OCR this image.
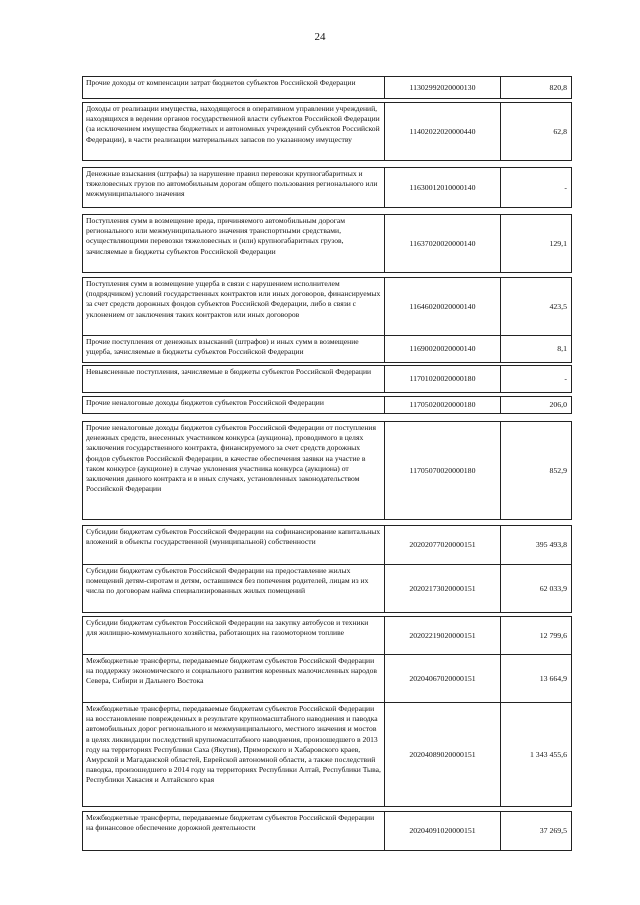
24
Прочие доходы от компенсации затрат бюджетов субъектов Российской Федерации	11302992020000130	820,8

Доходы от реализации имущества, находящегося в оперативном управлении учреждений, находящихся в ведении органов государственной власти субъектов Российской Федерации (за исключением имущества бюджетных и автономных учреждений субъектов Российской Федерации), в части реализации материальных запасов по указанному имуществу	11402022020000440	62,8

Денежные взыскания (штрафы) за нарушение правил перевозки крупногабаритных и тяжеловесных грузов по автомобильным дорогам общего пользования регионального или межмуниципального значения	11630012010000140	-

Поступления сумм в возмещение вреда, причиняемого автомобильным дорогам регионального или межмуниципального значения транспортными средствами, осуществляющими перевозки тяжеловесных и (или) крупногабаритных грузов, зачисляемые в бюджеты субъектов Российской Федерации	11637020020000140	129,1

Поступления сумм в возмещение ущерба в связи с нарушением исполнителем (подрядчиком) условий государственных контрактов или иных договоров, финансируемых за счет средств дорожных фондов субъектов Российской Федерации, либо в связи с уклонением от заключения таких контрактов или иных договоров	11646020020000140	423,5
Прочие поступления от денежных взысканий (штрафов) и иных сумм в возмещение ущерба, зачисляемые в бюджеты субъектов Российской Федерации	11690020020000140	8,1

Невыясненные поступления, зачисляемые в бюджеты субъектов Российской Федерации	11701020020000180	-

Прочие неналоговые доходы бюджетов субъектов Российской Федерации	11705020020000180	206,0

Прочие неналоговые доходы бюджетов субъектов Российской Федерации от поступления денежных средств, внесенных участником конкурса (аукциона), проводимого в целях заключения государственного контракта, финансируемого за счет средств дорожных фондов субъектов Российской Федерации, в качестве обеспечения заявки на участие в таком конкурсе (аукционе) в случае уклонения участника конкурса (аукциона) от заключения данного контракта и в иных случаях, установленных законодательством Российской Федерации	11705070020000180	852,9

Субсидии бюджетам субъектов Российской Федерации на софинансирование капитальных вложений в объекты государственной (муниципальной) собственности	20202077020000151	395 493,8
Субсидии бюджетам субъектов Российской Федерации на предоставление жилых помещений детям-сиротам и детям, оставшимся без попечения родителей, лицам из их числа по договорам найма специализированных жилых помещений	20202173020000151	62 033,9

Субсидии бюджетам субъектов Российской Федерации на закупку автобусов и техники для жилищно-коммунального хозяйства, работающих на газомоторном топливе	20202219020000151	12 799,6
Межбюджетные трансферты, передаваемые бюджетам субъектов Российской Федерации на поддержку экономического и социального развития коренных малочисленных народов Севера, Сибири и Дальнего Востока	20204067020000151	13 664,9
Межбюджетные трансферты, передаваемые бюджетам субъектов Российской Федерации на восстановление поврежденных в результате крупномасштабного наводнения и паводка автомобильных дорог регионального и межмуниципального, местного значения и мостов в целях ликвидации последствий крупномасштабного наводнения, произошедшего в 2013 году на территориях Республики Саха (Якутия), Приморского и Хабаровского краев, Амурской и Магаданской областей, Еврейской автономной области, а также последствий паводка, произошедшего в 2014 году на территориях Республики Алтай, Республики Тыва, Республики Хакасия и Алтайского края	20204089020000151	1 343 455,6

Межбюджетные трансферты, передаваемые бюджетам субъектов Российской Федерации на финансовое обеспечение дорожной деятельности	20204091020000151	37 269,5
